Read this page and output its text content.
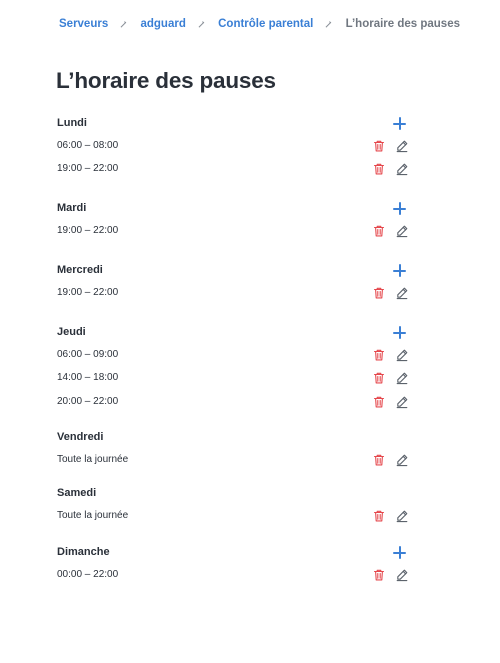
Serveurs	adguard	Contrôle parental	L’horaire des pauses
L’horaire des pauses
Lundi
06:00 – 08:00
19:00 – 22:00
Mardi
19:00 – 22:00
Mercredi
19:00 – 22:00
Jeudi
06:00 – 09:00
14:00 – 18:00
20:00 – 22:00
Vendredi
Toute la journée
Samedi
Toute la journée
Dimanche
00:00 – 22:00
